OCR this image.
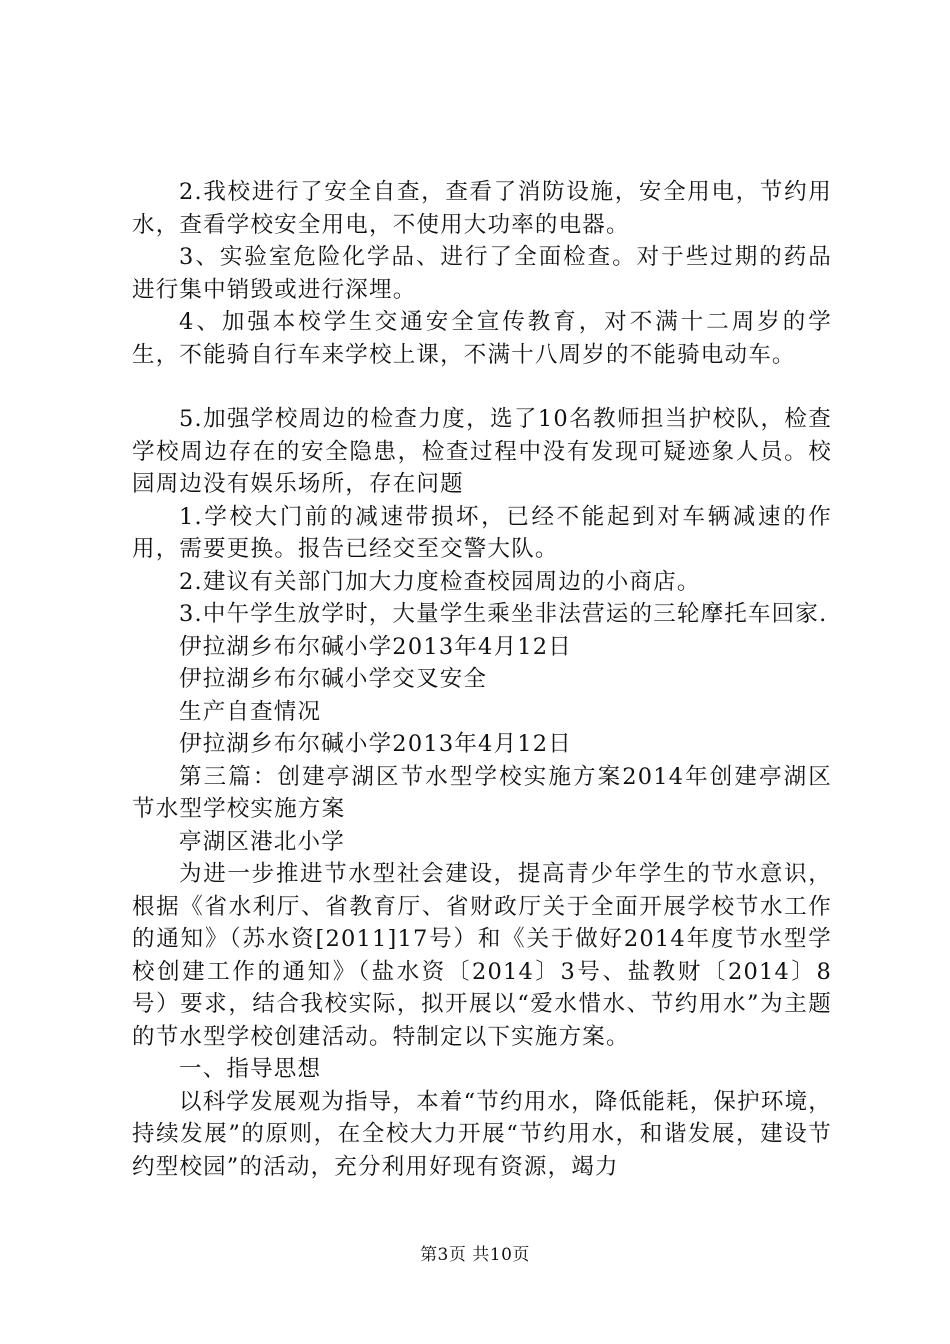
2.我校进行了安全自查，查看了消防设施，安全用电，节约用水，查看学校安全用电，不使用大功率的电器。

3、实验室危险化学品、进行了全面检查。对于些过期的药品进行集中销毁或进行深埋。

4、加强本校学生交通安全宣传教育，对不满十二周岁的学生，不能骑自行车来学校上课，不满十八周岁的不能骑电动车。

5.加强学校周边的检查力度，选了10名教师担当护校队，检查学校周边存在的安全隐患，检查过程中没有发现可疑迹象人员。校园周边没有娱乐场所，存在问题

1.学校大门前的减速带损坏，已经不能起到对车辆减速的作用，需要更换。报告已经交至交警大队。

2.建议有关部门加大力度检查校园周边的小商店。

3.中午学生放学时，大量学生乘坐非法营运的三轮摩托车回家.

伊拉湖乡布尔碱小学2013年4月12日

伊拉湖乡布尔碱小学交叉安全

生产自查情况

伊拉湖乡布尔碱小学2013年4月12日

第三篇：创建亭湖区节水型学校实施方案2014年创建亭湖区节水型学校实施方案

亭湖区港北小学

为进一步推进节水型社会建设，提高青少年学生的节水意识，根据《省水利厅、省教育厅、省财政厅关于全面开展学校节水工作的通知》（苏水资[2011]17号）和《关于做好2014年度节水型学校创建工作的通知》（盐水资〔2014〕3号、盐教财〔2014〕8号）要求，结合我校实际，拟开展以“爱水惜水、节约用水”为主题的节水型学校创建活动。特制定以下实施方案。

一、指导思想

以科学发展观为指导，本着“节约用水，降低能耗，保护环境，持续发展”的原则，在全校大力开展“节约用水，和谐发展，建设节约型校园”的活动，充分利用好现有资源，竭力

第3页 共10页
